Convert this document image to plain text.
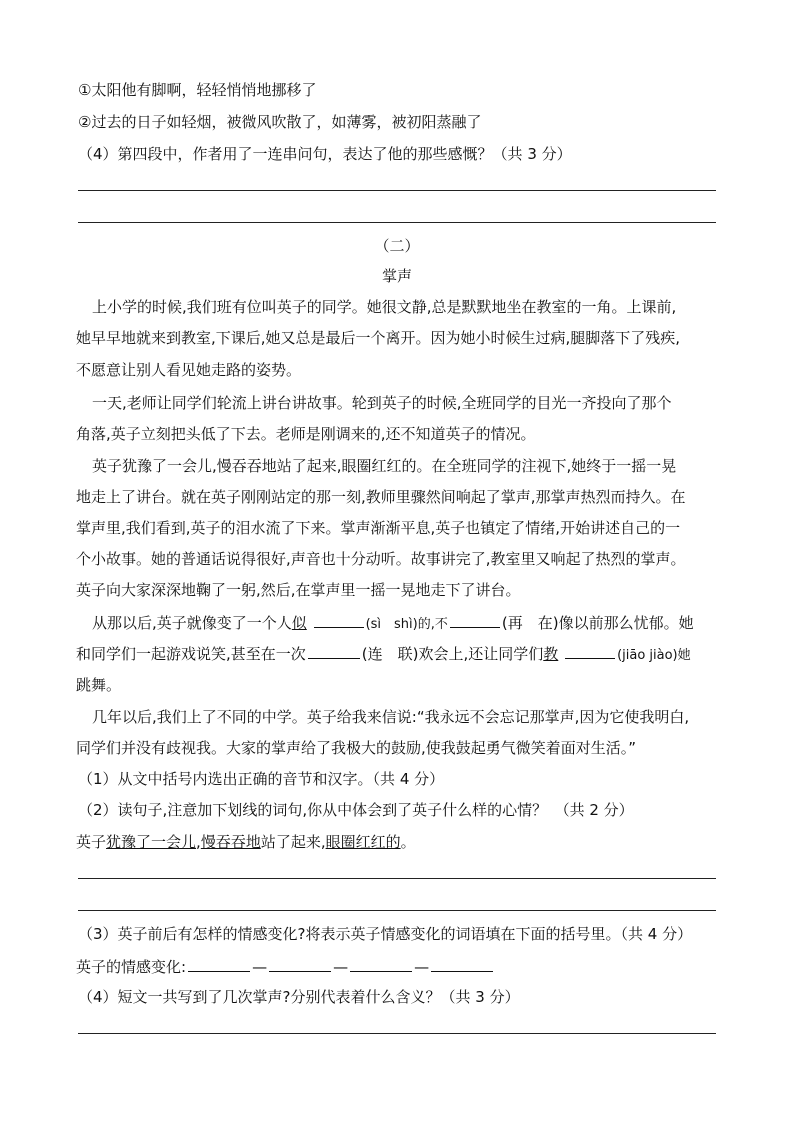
①太阳他有脚啊，轻轻悄悄地挪移了
②过去的日子如轻烟，被微风吹散了，如薄雾，被初阳蒸融了
（4）第四段中，作者用了一连串问句，表达了他的那些感慨？（共 3 分）
（二）
掌声
上小学的时候,我们班有位叫英子的同学。她很文静,总是默默地坐在教室的一角。上课前,
她早早地就来到教室,下课后,她又总是最后一个离开。因为她小时候生过病,腿脚落下了残疾,
不愿意让别人看见她走路的姿势。
一天,老师让同学们轮流上讲台讲故事。轮到英子的时候,全班同学的目光一齐投向了那个
角落,英子立刻把头低了下去。老师是刚调来的,还不知道英子的情况。
英子犹豫了一会儿,慢吞吞地站了起来,眼圈红红的。在全班同学的注视下,她终于一摇一晃
地走上了讲台。就在英子刚刚站定的那一刻,教师里骤然间响起了掌声,那掌声热烈而持久。在
掌声里,我们看到,英子的泪水流了下来。掌声渐渐平息,英子也镇定了情绪,开始讲述自己的一
个小故事。她的普通话说得很好,声音也十分动听。故事讲完了,教室里又响起了热烈的掌声。
英子向大家深深地鞠了一躬,然后,在掌声里一摇一晃地走下了讲台。
从那以后,英子就像变了一个人似	(sì　shì)的,不	(再　在)像以前那么忧郁。她
和同学们一起游戏说笑,甚至在一次	(连　联)欢会上,还让同学们教	(jiāo jiào)她
跳舞。
几年以后,我们上了不同的中学。英子给我来信说:“我永远不会忘记那掌声,因为它使我明白,
同学们并没有歧视我。大家的掌声给了我极大的鼓励,使我鼓起勇气微笑着面对生活。”
（1）从文中括号内选出正确的音节和汉字。（共 4 分）
（2）读句子,注意加下划线的词句,你从中体会到了英子什么样的心情？　（共 2 分）
英子犹豫了一会儿,慢吞吞地站了起来,眼圈红红的。
（3）英子前后有怎样的情感变化?将表示英子情感变化的词语填在下面的括号里。（共 4 分）
英子的情感变化:	—	—	—
（4）短文一共写到了几次掌声?分别代表着什么含义？（共 3 分）
